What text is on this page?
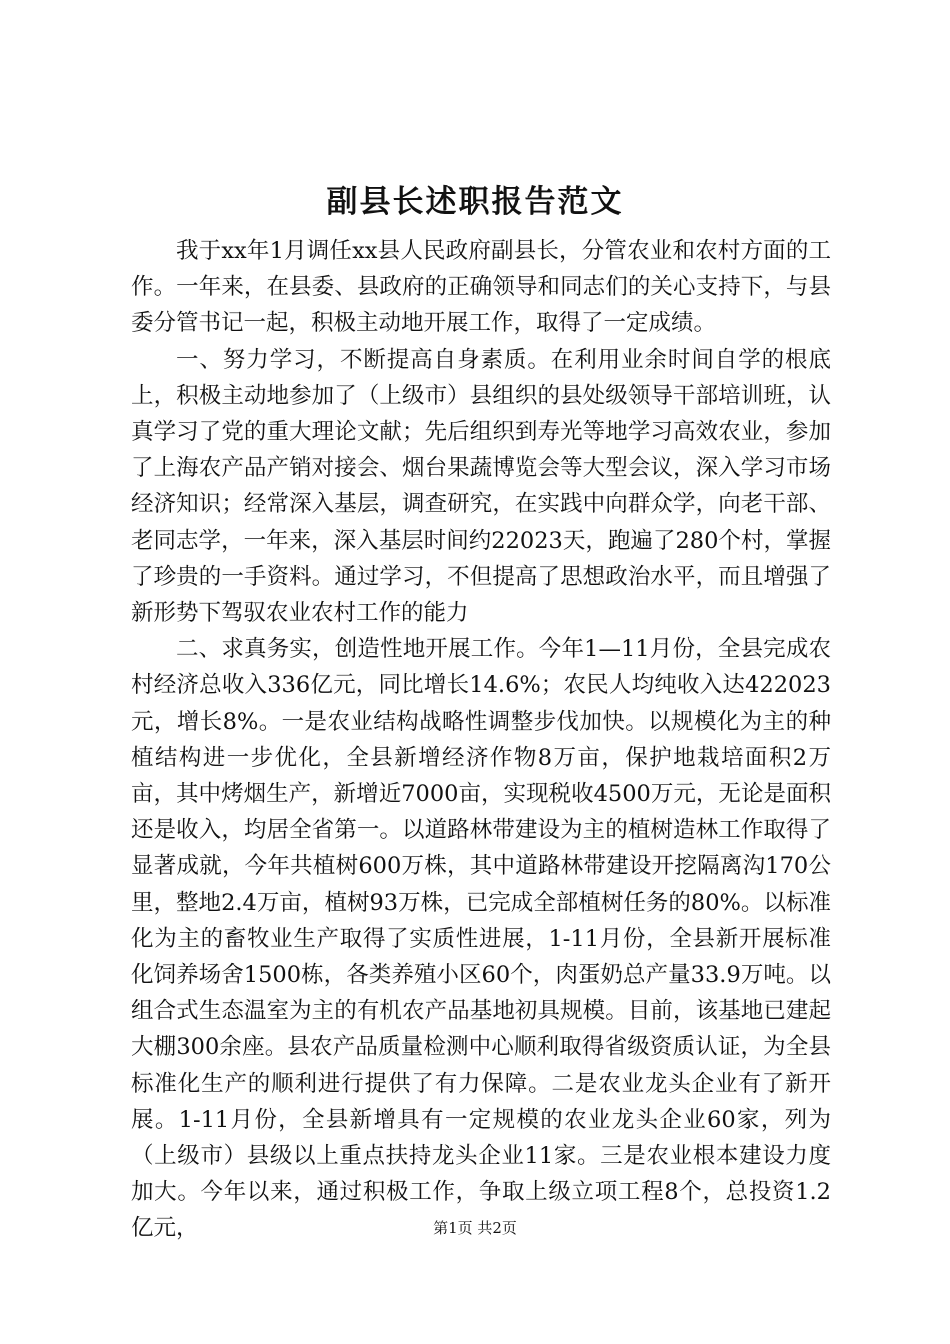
副县长述职报告范文

我于xx年1月调任xx县人民政府副县长，分管农业和农村方面的工作。一年来，在县委、县政府的正确领导和同志们的关心支持下，与县委分管书记一起，积极主动地开展工作，取得了一定成绩。

一、努力学习，不断提高自身素质。在利用业余时间自学的根底上，积极主动地参加了（上级市）县组织的县处级领导干部培训班，认真学习了党的重大理论文献；先后组织到寿光等地学习高效农业，参加了上海农产品产销对接会、烟台果蔬博览会等大型会议，深入学习市场经济知识；经常深入基层，调查研究，在实践中向群众学，向老干部、老同志学，一年来，深入基层时间约22023天，跑遍了280个村，掌握了珍贵的一手资料。通过学习，不但提高了思想政治水平，而且增强了新形势下驾驭农业农村工作的能力

二、求真务实，创造性地开展工作。今年1—11月份，全县完成农村经济总收入336亿元，同比增长14.6%；农民人均纯收入达422023元，增长8%。一是农业结构战略性调整步伐加快。以规模化为主的种植结构进一步优化，全县新增经济作物8万亩，保护地栽培面积2万亩，其中烤烟生产，新增近7000亩，实现税收4500万元，无论是面积还是收入，均居全省第一。以道路林带建设为主的植树造林工作取得了显著成就，今年共植树600万株，其中道路林带建设开挖隔离沟170公里，整地2.4万亩，植树93万株，已完成全部植树任务的80%。以标准化为主的畜牧业生产取得了实质性进展，1-11月份，全县新开展标准化饲养场舍1500栋，各类养殖小区60个，肉蛋奶总产量33.9万吨。以组合式生态温室为主的有机农产品基地初具规模。目前，该基地已建起大棚300余座。县农产品质量检测中心顺利取得省级资质认证，为全县标准化生产的顺利进行提供了有力保障。二是农业龙头企业有了新开展。1-11月份，全县新增具有一定规模的农业龙头企业60家，列为（上级市）县级以上重点扶持龙头企业11家。三是农业根本建设力度加大。今年以来，通过积极工作，争取上级立项工程8个，总投资1.2亿元，	第1页 共2页
